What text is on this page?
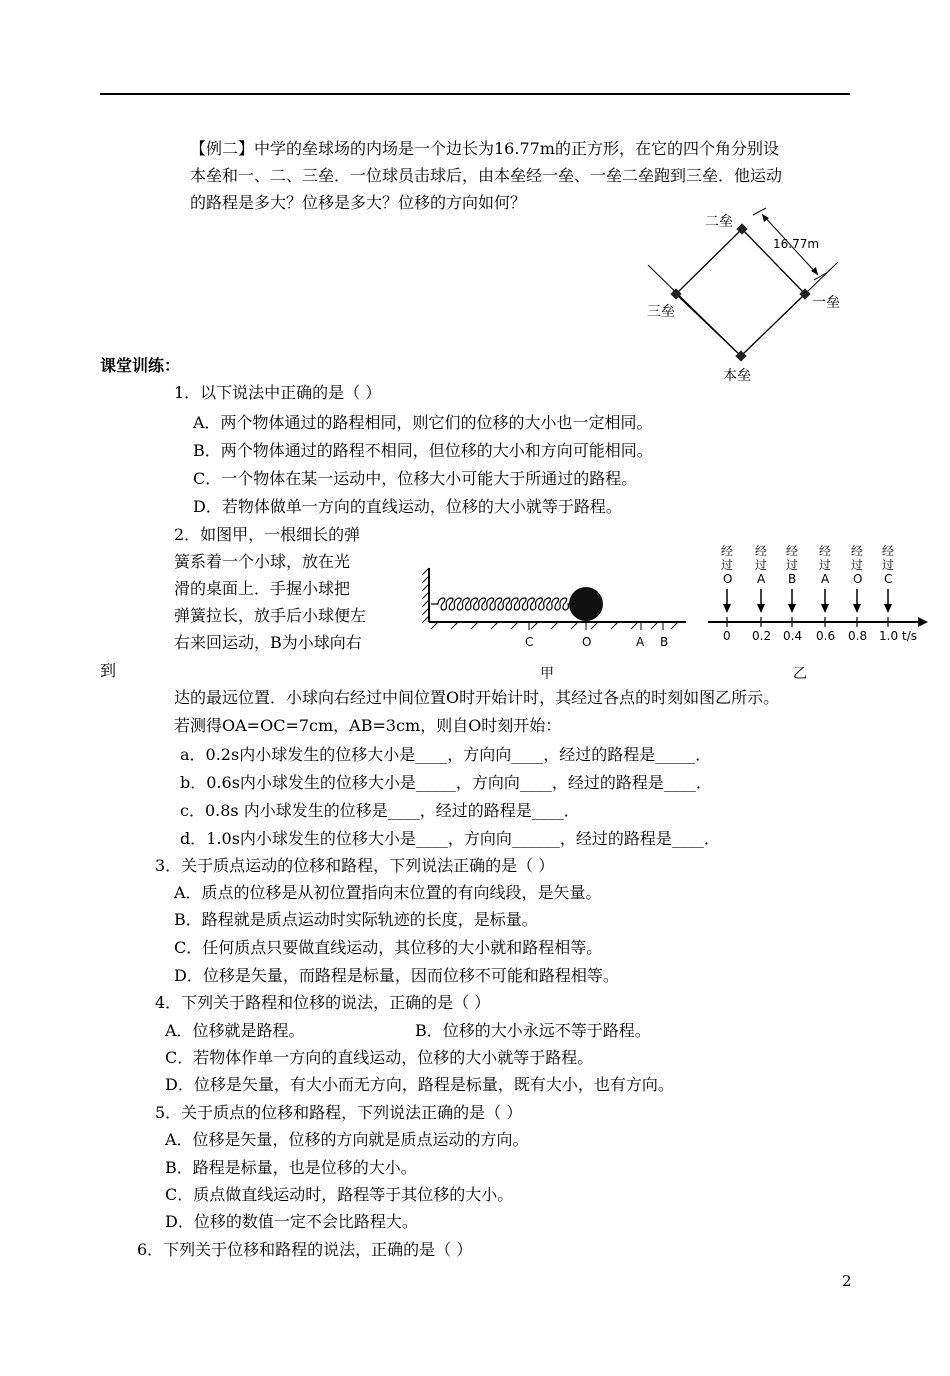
【例二】中学的垒球场的内场是一个边长为16.77m的正方形，在它的四个角分别设
本垒和一、二、三垒．一位球员击球后，由本垒经一垒、一垒二垒跑到三垒．他运动
的路程是多大？位移是多大？位移的方向如何？
二垒
16.77m
一垒
三垒
本垒
课堂训练：
1．以下说法中正确的是（ ）
A．两个物体通过的路程相同，则它们的位移的大小也一定相同。
B．两个物体通过的路程不相同，但位移的大小和方向可能相同。
C．一个物体在某一运动中，位移大小可能大于所通过的路程。
D．若物体做单一方向的直线运动，位移的大小就等于路程。
2．如图甲，一根细长的弹
簧系着一个小球，放在光
滑的桌面上．手握小球把
弹簧拉长，放手后小球便左
右来回运动，B为小球向右
到
达的最远位置．小球向右经过中间位置O时开始计时，其经过各点的时刻如图乙所示。
若测得OA=OC=7cm，AB=3cm，则自O时刻开始：
a．0.2s内小球发生的位移大小是____，方向向____，经过的路程是_____．
b．0.6s内小球发生的位移大小是_____，方向向____，经过的路程是____．
c．0.8s 内小球发生的位移是____，经过的路程是____．
d．1.0s内小球发生的位移大小是____，方向向______，经过的路程是____．
C	O	A B
甲
经
过
O
0
经
过
A
0.2
经
过
B
0.4
经
过
A
0.6
经
过
O
0.8
经
过
C
1.0 t/s
乙
3．关于质点运动的位移和路程，下列说法正确的是（ ）
A．质点的位移是从初位置指向末位置的有向线段，是矢量。
B．路程就是质点运动时实际轨迹的长度，是标量。
C．任何质点只要做直线运动，其位移的大小就和路程相等。
D．位移是矢量，而路程是标量，因而位移不可能和路程相等。
4．下列关于路程和位移的说法，正确的是（ ）
A．位移就是路程。	B．位移的大小永远不等于路程。
C．若物体作单一方向的直线运动，位移的大小就等于路程。
D．位移是矢量，有大小而无方向，路程是标量，既有大小，也有方向。
5．关于质点的位移和路程，下列说法正确的是（ ）
A．位移是矢量，位移的方向就是质点运动的方向。
B．路程是标量，也是位移的大小。
C．质点做直线运动时，路程等于其位移的大小。
D．位移的数值一定不会比路程大。
6．下列关于位移和路程的说法，正确的是（ ）
2
